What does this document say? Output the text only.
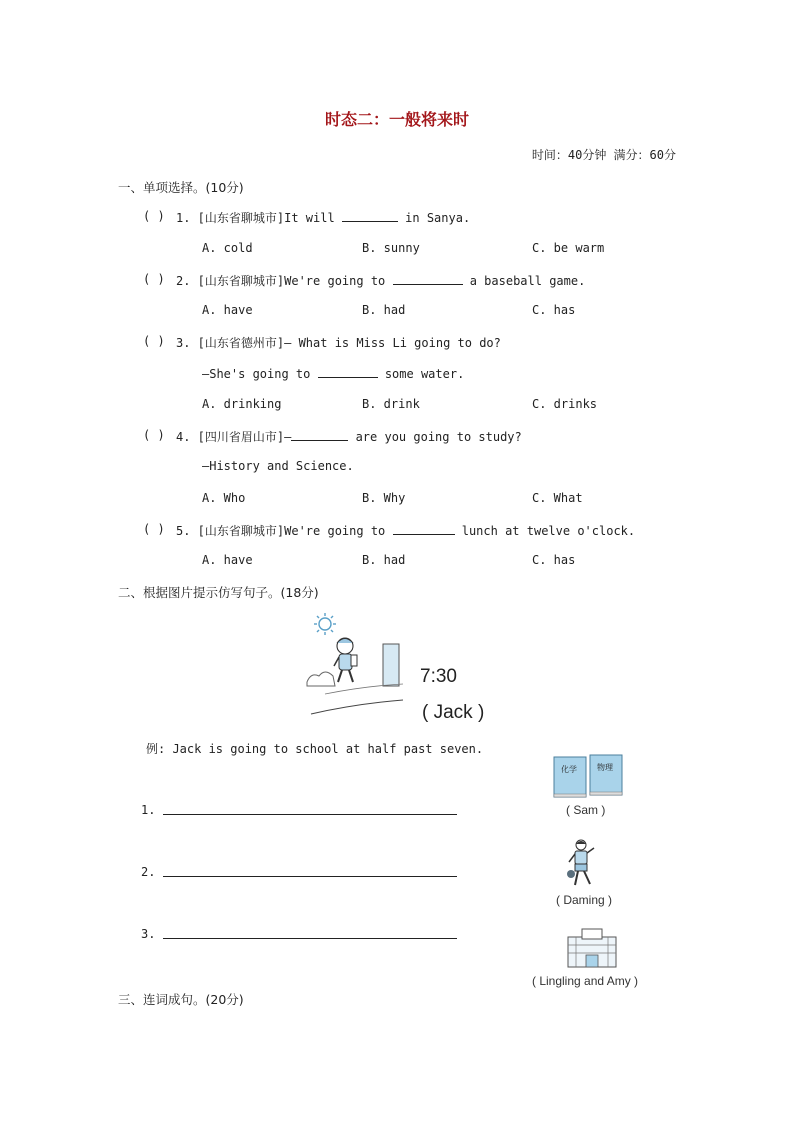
时态二：一般将来时
时间：40分钟 满分：60分
一、单项选择。(10分)
( ) 1. [山东省聊城市]It will	in Sanya.
A. cold	B. sunny	C. be warm
( ) 2. [山东省聊城市]We're going to	a baseball game.
A. have	B. had	C. has
( ) 3. [山东省德州市]— What is Miss Li going to do?
—She's going to	some water.
A. drinking	B. drink	C. drinks
( ) 4. [四川省眉山市]—	are you going to study?
—History and Science.
A. Who	B. Why	C. What
( ) 5. [山东省聊城市]We're going to	lunch at twelve o'clock.
A. have	B. had	C. has
二、根据图片提示仿写句子。(18分)
7:30
( Jack )
例: Jack is going to school at half past seven.
1.
2.
3.
化学	物理
( Sam )
( Daming )
( Lingling and Amy )
三、连词成句。(20分)
